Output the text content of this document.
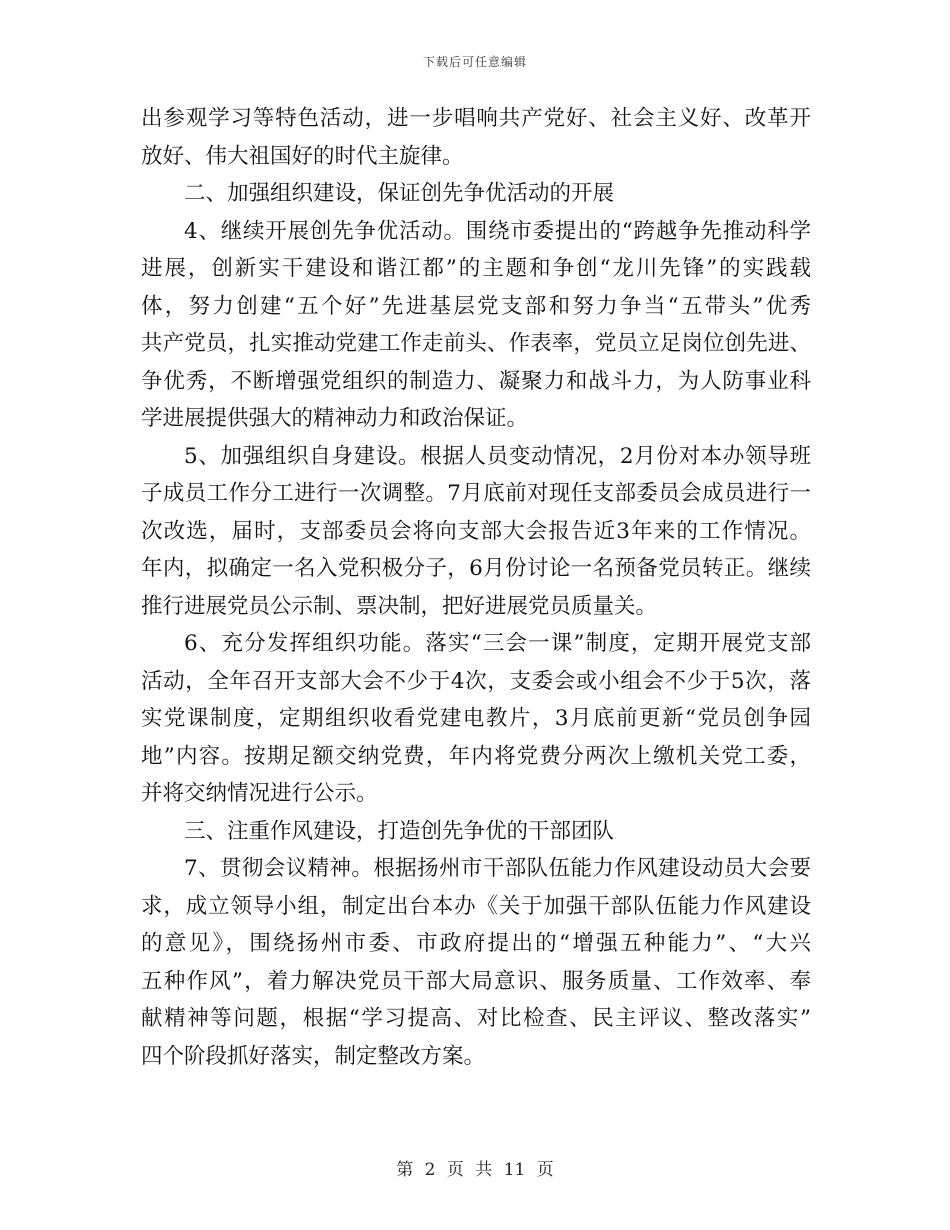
下载后可任意编辑
出参观学习等特色活动，进一步唱响共产党好、社会主义好、改革开
放好、伟大祖国好的时代主旋律。
二、加强组织建设，保证创先争优活动的开展
4、继续开展创先争优活动。围绕市委提出的“跨越争先推动科学
进展，创新实干建设和谐江都”的主题和争创“龙川先锋”的实践载
体，努力创建“五个好”先进基层党支部和努力争当“五带头”优秀
共产党员，扎实推动党建工作走前头、作表率，党员立足岗位创先进、
争优秀，不断增强党组织的制造力、凝聚力和战斗力，为人防事业科
学进展提供强大的精神动力和政治保证。
5、加强组织自身建设。根据人员变动情况，2月份对本办领导班
子成员工作分工进行一次调整。7月底前对现任支部委员会成员进行一
次改选，届时，支部委员会将向支部大会报告近3年来的工作情况。
年内，拟确定一名入党积极分子，6月份讨论一名预备党员转正。继续
推行进展党员公示制、票决制，把好进展党员质量关。
6、充分发挥组织功能。落实“三会一课”制度，定期开展党支部
活动，全年召开支部大会不少于4次，支委会或小组会不少于5次，落
实党课制度，定期组织收看党建电教片，3月底前更新“党员创争园
地”内容。按期足额交纳党费，年内将党费分两次上缴机关党工委，
并将交纳情况进行公示。
三、注重作风建设，打造创先争优的干部团队
7、贯彻会议精神。根据扬州市干部队伍能力作风建设动员大会要
求，成立领导小组，制定出台本办《关于加强干部队伍能力作风建设
的意见》，围绕扬州市委、市政府提出的“增强五种能力”、“大兴
五种作风”，着力解决党员干部大局意识、服务质量、工作效率、奉
献精神等问题，根据“学习提高、对比检查、民主评议、整改落实”
四个阶段抓好落实，制定整改方案。
第 2 页 共 11 页
